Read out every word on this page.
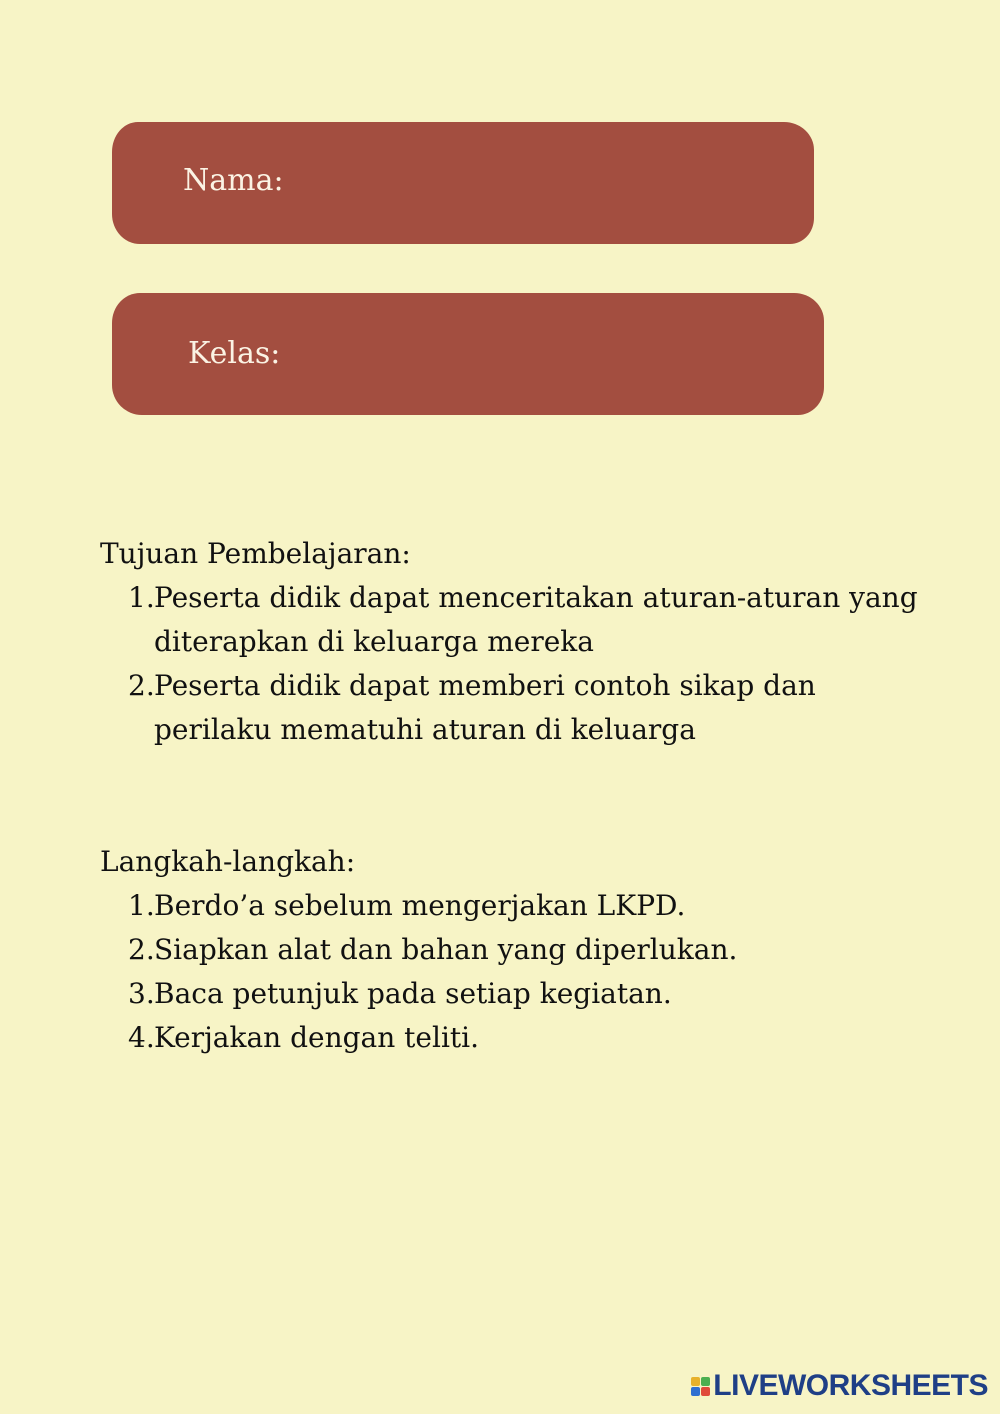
Nama:
Kelas:
Tujuan Pembelajaran:
1. Peserta didik dapat menceritakan aturan-aturan yang diterapkan di keluarga mereka
2. Peserta didik dapat memberi contoh sikap dan perilaku mematuhi aturan di keluarga
Langkah-langkah:
1. Berdo’a sebelum mengerjakan LKPD.
2. Siapkan alat dan bahan yang diperlukan.
3. Baca petunjuk pada setiap kegiatan.
4. Kerjakan dengan teliti.
LIVEWORKSHEETS
